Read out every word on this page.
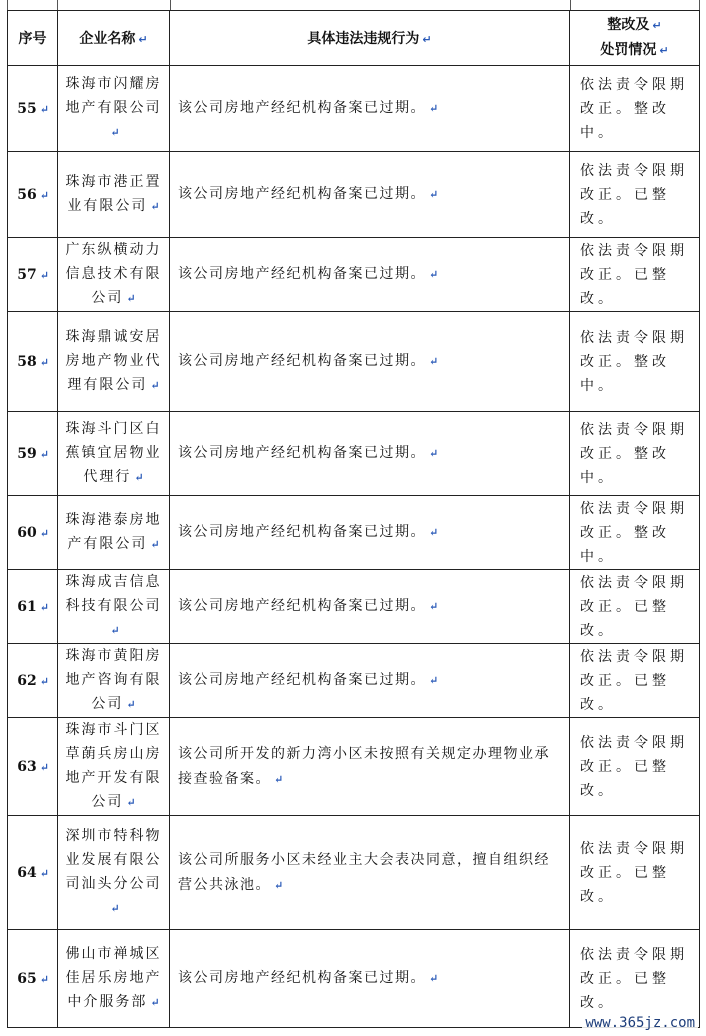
序号	企业名称 ↵	具体违法违规行为 ↵	整改及 ↵
处罚情况 ↵
55 ↵	珠海市闪耀房地产有限公司↵	该公司房地产经纪机构备案已过期。 ↵	依法责令限期改正。整改中。
56 ↵	珠海市港正置业有限公司 ↵	该公司房地产经纪机构备案已过期。 ↵	依法责令限期改正。已整改。
57 ↵	广东纵横动力信息技术有限公司 ↵	该公司房地产经纪机构备案已过期。 ↵	依法责令限期改正。已整改。
58 ↵	珠海鼎诚安居房地产物业代理有限公司 ↵	该公司房地产经纪机构备案已过期。 ↵	依法责令限期改正。整改中。
59 ↵	珠海斗门区白蕉镇宜居物业代理行 ↵	该公司房地产经纪机构备案已过期。 ↵	依法责令限期改正。整改中。
60 ↵	珠海港泰房地产有限公司 ↵	该公司房地产经纪机构备案已过期。 ↵	依法责令限期改正。整改中。
61 ↵	珠海成吉信息科技有限公司↵	该公司房地产经纪机构备案已过期。 ↵	依法责令限期改正。已整改。
62 ↵	珠海市黄阳房地产咨询有限公司 ↵	该公司房地产经纪机构备案已过期。 ↵	依法责令限期改正。已整改。
63 ↵	珠海市斗门区草蓢兵房山房地产开发有限公司 ↵	该公司所开发的新力湾小区未按照有关规定办理物业承接查验备案。 ↵	依法责令限期改正。已整改。
64 ↵	深圳市特科物业发展有限公司汕头分公司↵	该公司所服务小区未经业主大会表决同意，擅自组织经营公共泳池。 ↵	依法责令限期改正。已整改。
65 ↵	佛山市禅城区佳居乐房地产中介服务部 ↵	该公司房地产经纪机构备案已过期。 ↵	依法责令限期改正。已整改。
www.365jz.com
